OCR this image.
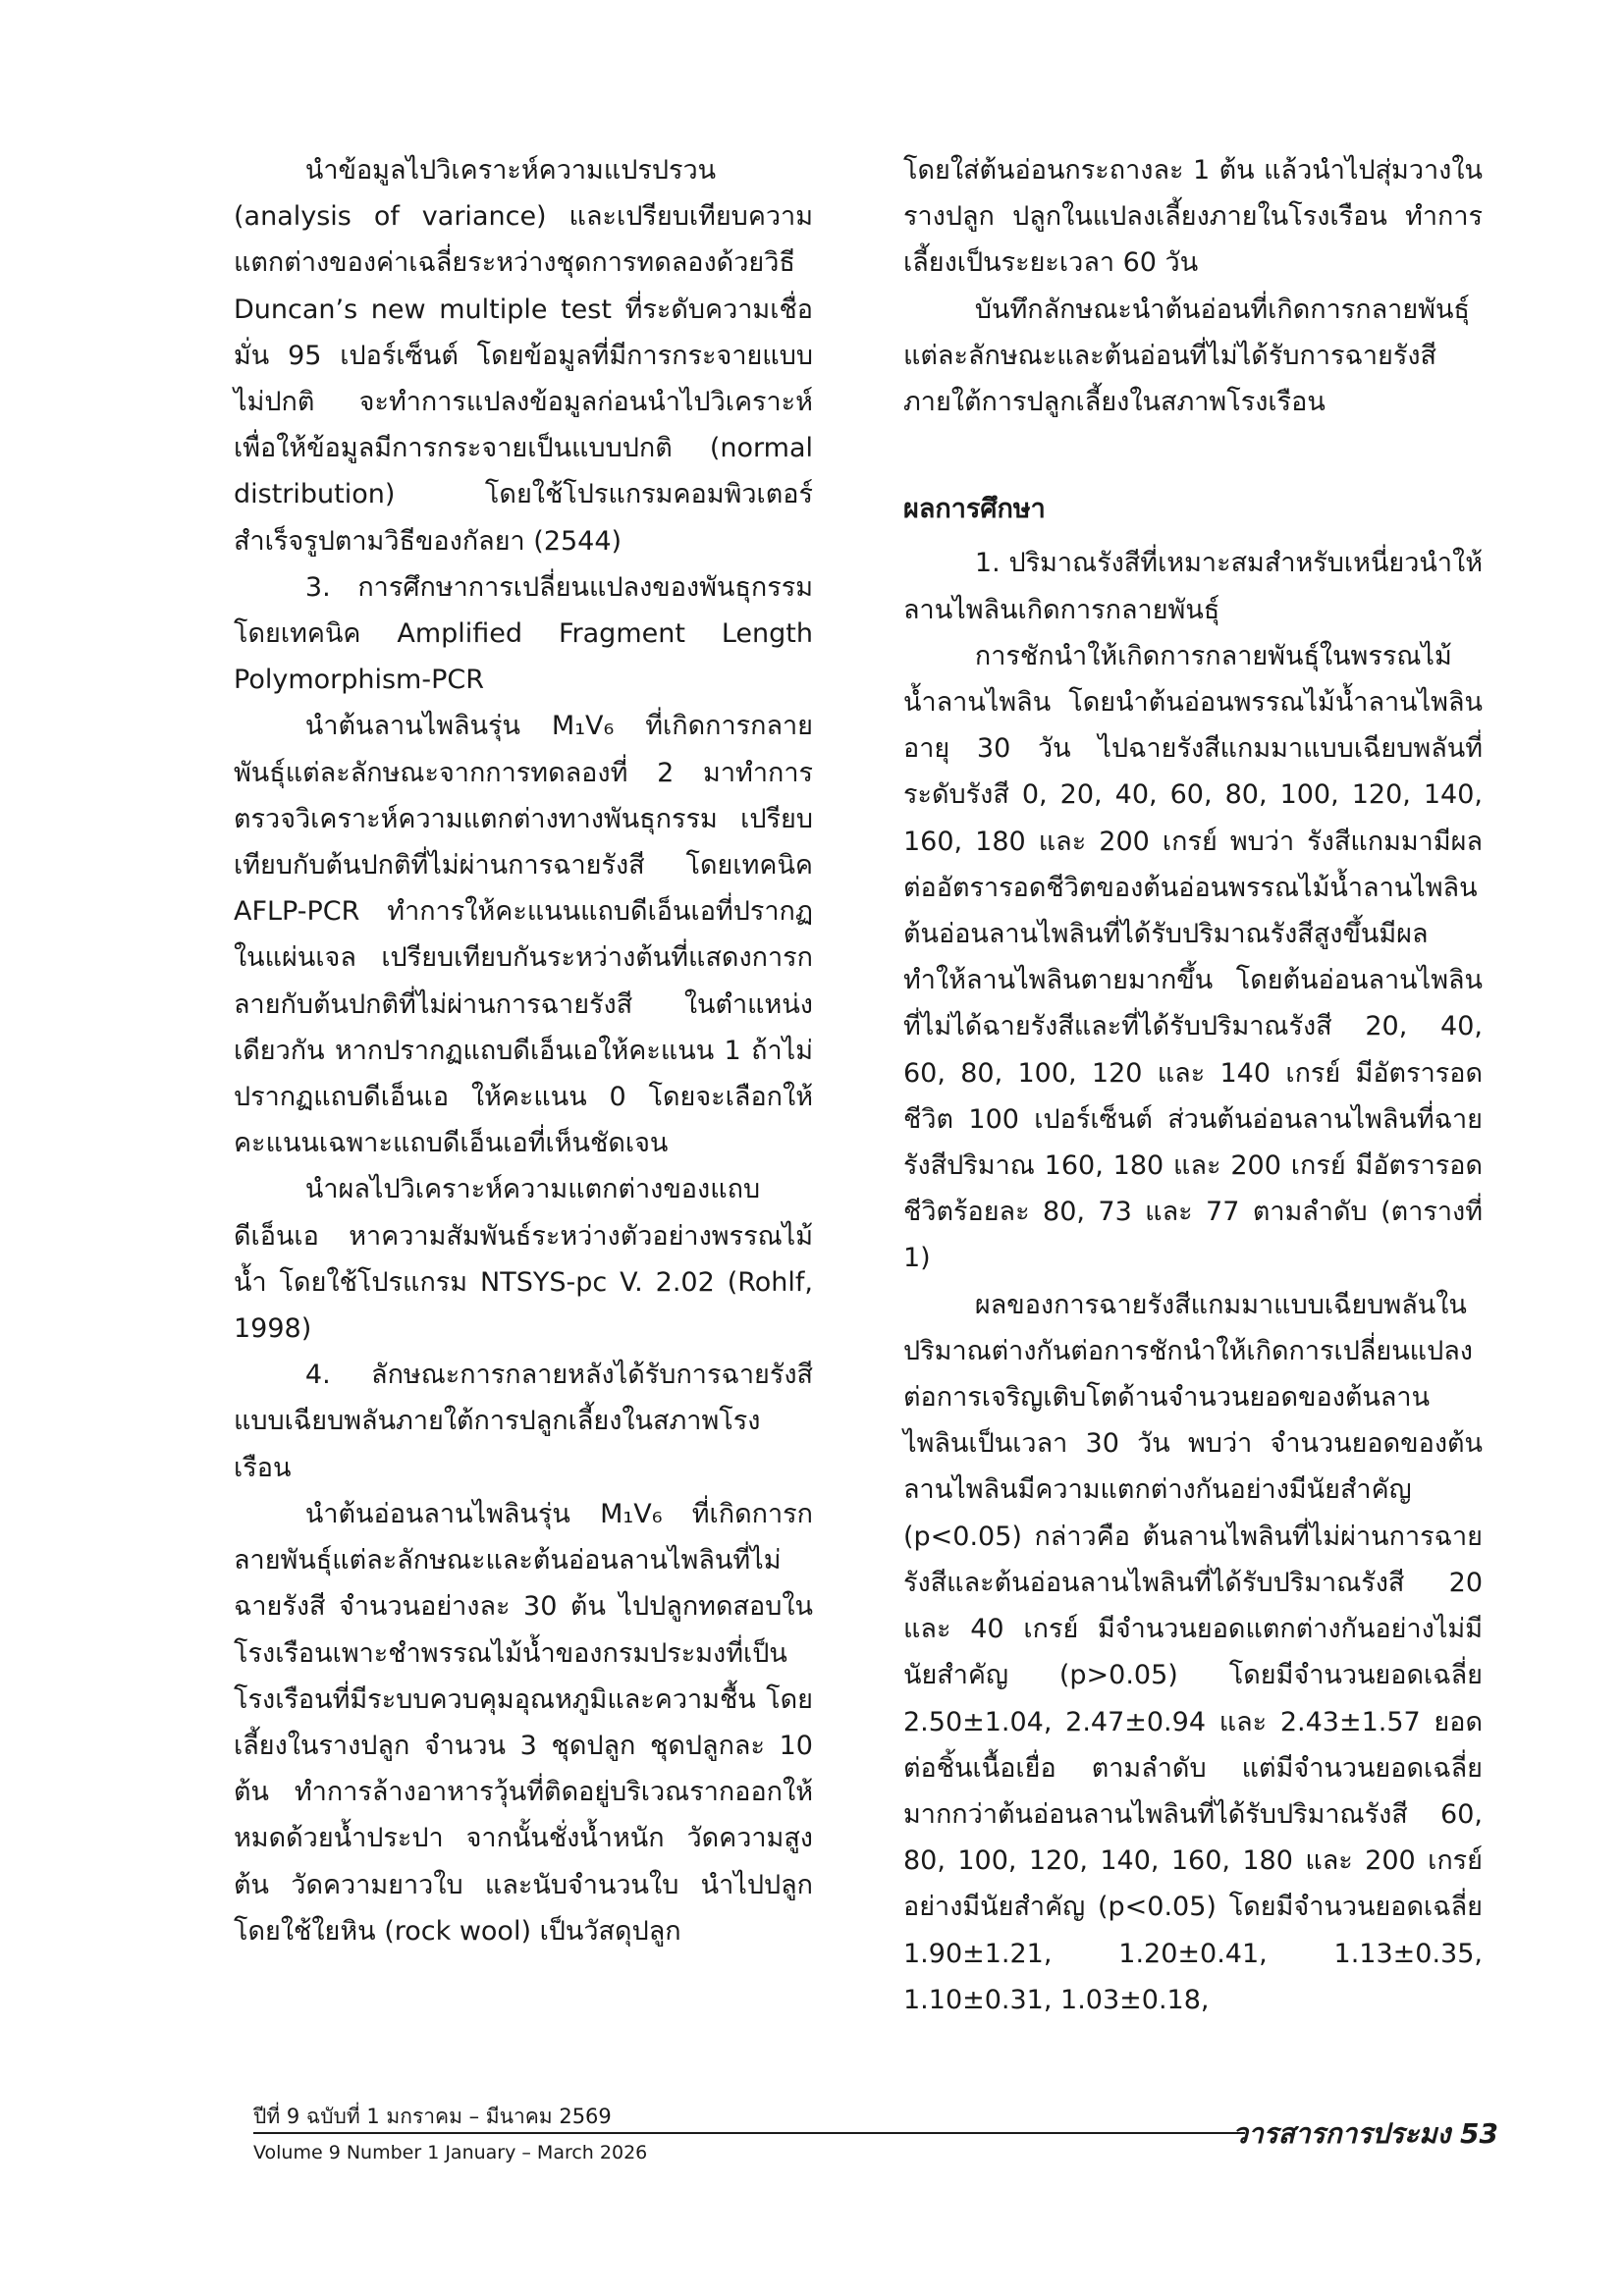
นำข้อมูลไปวิเคราะห์ความแปรปรวน (analysis of variance) และเปรียบเทียบความแตกต่างของค่าเฉลี่ยระหว่างชุดการทดลองด้วยวิธี Duncan’s new multiple test ที่ระดับความเชื่อมั่น 95 เปอร์เซ็นต์ โดยข้อมูลที่มีการกระจายแบบไม่ปกติ จะทำการแปลงข้อมูลก่อนนำไปวิเคราะห์ เพื่อให้ข้อมูลมีการกระจายเป็นแบบปกติ (normal distribution) โดยใช้โปรแกรมคอมพิวเตอร์สำเร็จรูปตามวิธีของกัลยา (2544)

3. การศึกษาการเปลี่ยนแปลงของพันธุกรรมโดยเทคนิค Amplified Fragment Length Polymorphism-PCR

นำต้นลานไพลินรุ่น M₁V₆ ที่เกิดการกลายพันธุ์แต่ละลักษณะจากการทดลองที่ 2 มาทำการตรวจวิเคราะห์ความแตกต่างทางพันธุกรรม เปรียบเทียบกับต้นปกติที่ไม่ผ่านการฉายรังสี โดยเทคนิค AFLP-PCR ทำการให้คะแนนแถบดีเอ็นเอที่ปรากฏในแผ่นเจล เปรียบเทียบกันระหว่างต้นที่แสดงการกลายกับต้นปกติที่ไม่ผ่านการฉายรังสี ในตำแหน่งเดียวกัน หากปรากฏแถบดีเอ็นเอให้คะแนน 1 ถ้าไม่ปรากฏแถบดีเอ็นเอ ให้คะแนน 0 โดยจะเลือกให้คะแนนเฉพาะแถบดีเอ็นเอที่เห็นชัดเจน

นำผลไปวิเคราะห์ความแตกต่างของแถบดีเอ็นเอ หาความสัมพันธ์ระหว่างตัวอย่างพรรณไม้น้ำ โดยใช้โปรแกรม NTSYS-pc V. 2.02 (Rohlf, 1998)

4. ลักษณะการกลายหลังได้รับการฉายรังสีแบบเฉียบพลันภายใต้การปลูกเลี้ยงในสภาพโรงเรือน

นำต้นอ่อนลานไพลินรุ่น M₁V₆ ที่เกิดการกลายพันธุ์แต่ละลักษณะและต้นอ่อนลานไพลินที่ไม่ฉายรังสี จำนวนอย่างละ 30 ต้น ไปปลูกทดสอบในโรงเรือนเพาะชำพรรณไม้น้ำของกรมประมงที่เป็นโรงเรือนที่มีระบบควบคุมอุณหภูมิและความชื้น โดยเลี้ยงในรางปลูก จำนวน 3 ชุดปลูก ชุดปลูกละ 10 ต้น ทำการล้างอาหารวุ้นที่ติดอยู่บริเวณรากออกให้หมดด้วยน้ำประปา จากนั้นชั่งน้ำหนัก วัดความสูงต้น วัดความยาวใบ และนับจำนวนใบ นำไปปลูกโดยใช้ใยหิน (rock wool) เป็นวัสดุปลูก

โดยใส่ต้นอ่อนกระถางละ 1 ต้น แล้วนำไปสุ่มวางในรางปลูก ปลูกในแปลงเลี้ยงภายในโรงเรือน ทำการเลี้ยงเป็นระยะเวลา 60 วัน

บันทึกลักษณะนำต้นอ่อนที่เกิดการกลายพันธุ์แต่ละลักษณะและต้นอ่อนที่ไม่ได้รับการฉายรังสีภายใต้การปลูกเลี้ยงในสภาพโรงเรือน

ผลการศึกษา

1. ปริมาณรังสีที่เหมาะสมสำหรับเหนี่ยวนำให้ลานไพลินเกิดการกลายพันธุ์

การชักนำให้เกิดการกลายพันธุ์ในพรรณไม้น้ำลานไพลิน โดยนำต้นอ่อนพรรณไม้น้ำลานไพลินอายุ 30 วัน ไปฉายรังสีแกมมาแบบเฉียบพลันที่ระดับรังสี 0, 20, 40, 60, 80, 100, 120, 140, 160, 180 และ 200 เกรย์ พบว่า รังสีแกมมามีผลต่ออัตรารอดชีวิตของต้นอ่อนพรรณไม้น้ำลานไพลิน ต้นอ่อนลานไพลินที่ได้รับปริมาณรังสีสูงขึ้นมีผลทำให้ลานไพลินตายมากขึ้น โดยต้นอ่อนลานไพลินที่ไม่ได้ฉายรังสีและที่ได้รับปริมาณรังสี 20, 40, 60, 80, 100, 120 และ 140 เกรย์ มีอัตรารอดชีวิต 100 เปอร์เซ็นต์ ส่วนต้นอ่อนลานไพลินที่ฉายรังสีปริมาณ 160, 180 และ 200 เกรย์ มีอัตรารอดชีวิตร้อยละ 80, 73 และ 77 ตามลำดับ (ตารางที่ 1)

ผลของการฉายรังสีแกมมาแบบเฉียบพลันในปริมาณต่างกันต่อการชักนำให้เกิดการเปลี่ยนแปลงต่อการเจริญเติบโตด้านจำนวนยอดของต้นลานไพลินเป็นเวลา 30 วัน พบว่า จำนวนยอดของต้นลานไพลินมีความแตกต่างกันอย่างมีนัยสำคัญ (p<0.05) กล่าวคือ ต้นลานไพลินที่ไม่ผ่านการฉายรังสีและต้นอ่อนลานไพลินที่ได้รับปริมาณรังสี 20 และ 40 เกรย์ มีจำนวนยอดแตกต่างกันอย่างไม่มีนัยสำคัญ (p>0.05) โดยมีจำนวนยอดเฉลี่ย 2.50±1.04, 2.47±0.94 และ 2.43±1.57 ยอดต่อชิ้นเนื้อเยื่อ ตามลำดับ แต่มีจำนวนยอดเฉลี่ยมากกว่าต้นอ่อนลานไพลินที่ได้รับปริมาณรังสี 60, 80, 100, 120, 140, 160, 180 และ 200 เกรย์ อย่างมีนัยสำคัญ (p<0.05) โดยมีจำนวนยอดเฉลี่ย 1.90±1.21, 1.20±0.41, 1.13±0.35, 1.10±0.31, 1.03±0.18,

ปีที่ 9 ฉบับที่ 1 มกราคม – มีนาคม 2569
Volume 9 Number 1 January – March 2026
วารสารการประมง 53
